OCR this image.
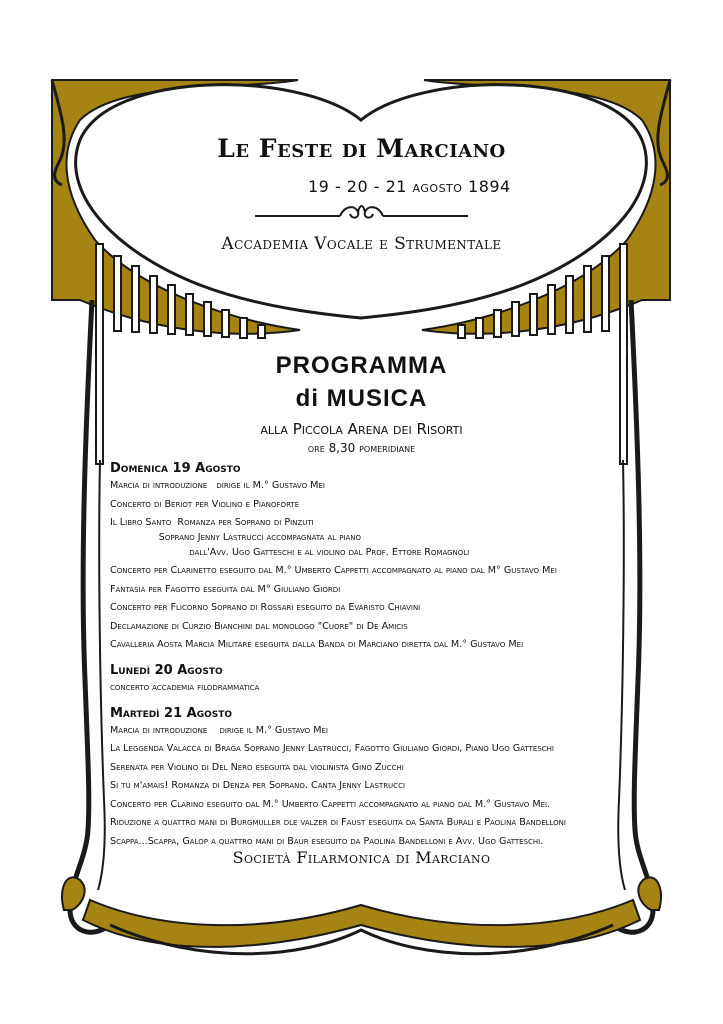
Le Feste di Marciano
19 - 20 - 21 agosto 1894
Accademia Vocale e Strumentale
PROGRAMMA
di MUSICA
alla Piccola Arena dei Risorti
ore 8,30 pomeridiane

Domenica 19 Agosto

Marcia di introduzione   dirige il M.° Gustavo Mei

Concerto di Beriot per Violino e Pianoforte

Il Libro Santo  Romanza per Soprano di Pinzuti

Soprano Jenny Lastrucci accompagnata al piano

dall'Avv. Ugo Gatteschi e al violino dal Prof. Ettore Romagnoli

Concerto per Clarinetto eseguito dal M.° Umberto Cappetti accompagnato al piano dal M° Gustavo Mei

Fantasia per Fagotto eseguita dal M° Giuliano Giordi

Concerto per Flicorno Soprano di Rossari eseguito da Evaristo Chiavini

Declamazione di Curzio Bianchini dal monologo "Cuore" di De Amicis

Cavalleria Aosta Marcia Militare eseguita dalla Banda di Marciano diretta dal M.° Gustavo Mei

Lunedì 20 Agosto

concerto accademia filodrammatica

Martedì 21 Agosto

Marcia di introduzione    dirige il M.° Gustavo Mei

La Leggenda Valacca di Braga Soprano Jenny Lastrucci, Fagotto Giuliano Giordi, Piano Ugo Gatteschi

Serenata per Violino di Del Nero eseguita dal violinista Gino Zucchi

Si tu m'amais! Romanza di Denza per Soprano. Canta Jenny Lastrucci

Concerto per Clarino eseguito dal M.° Umberto Cappetti accompagnato al piano dal M.° Gustavo Mei.

Riduzione a quattro mani di Burgmuller dle valzer di Faust eseguita da Santa Burali e Paolina Bandelloni

Scappa...Scappa, Galop a quattro mani di Baur eseguito da Paolina Bandelloni e Avv. Ugo Gatteschi.

Società Filarmonica di Marciano
